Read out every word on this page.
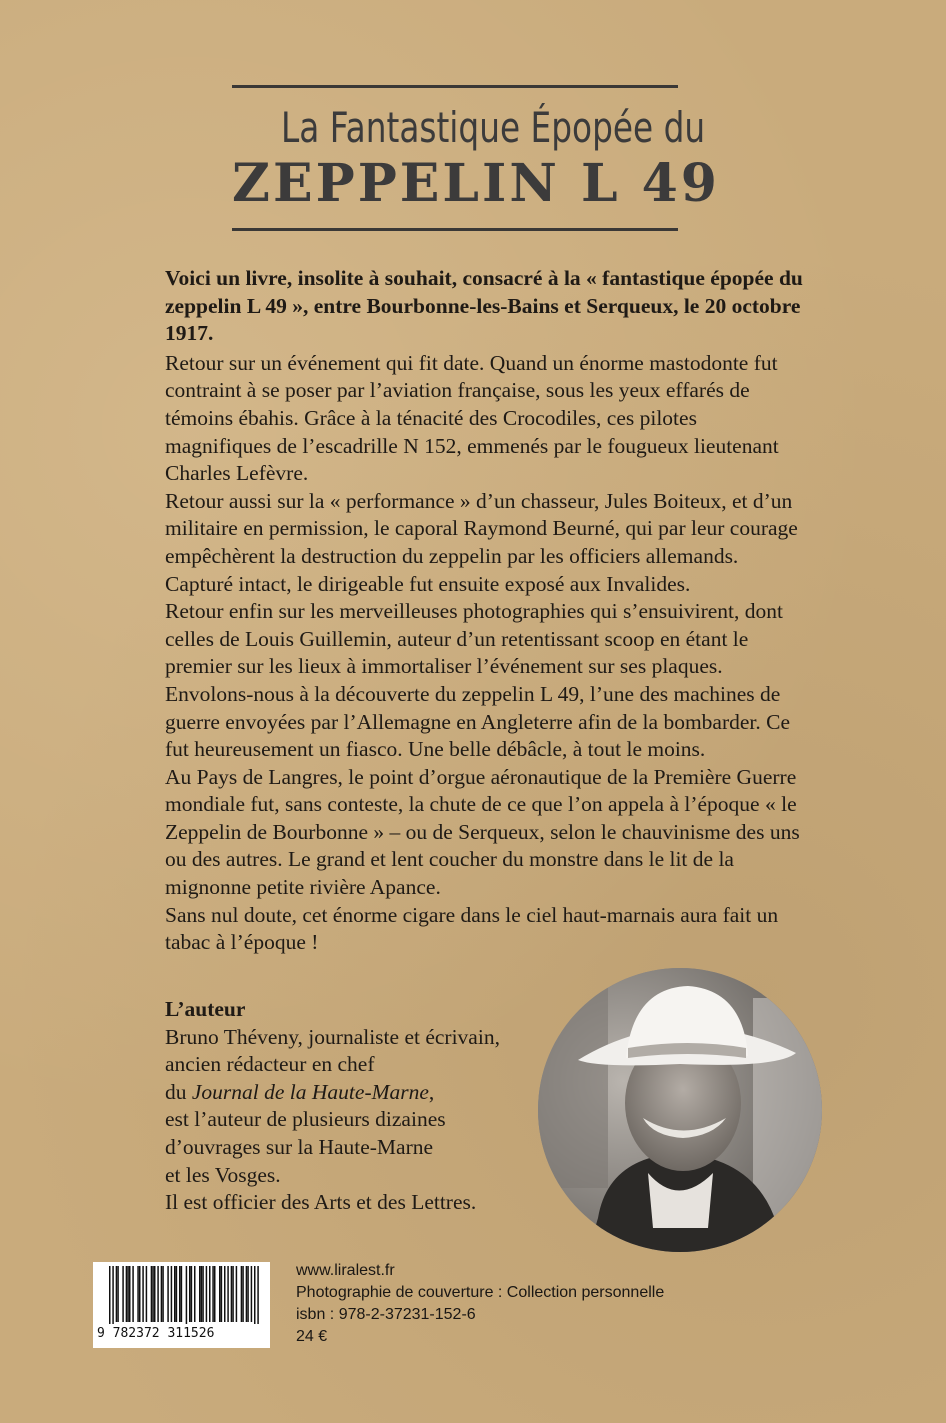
La Fantastique Épopée du
ZEPPELIN L 49

Voici un livre, insolite à souhait, consacré à la « fantastique épopée du zeppelin L 49 », entre Bourbonne-les-Bains et Serqueux, le 20 octobre 1917.

Retour sur un événement qui fit date. Quand un énorme mastodonte fut contraint à se poser par l’aviation française, sous les yeux effarés de témoins ébahis. Grâce à la ténacité des Crocodiles, ces pilotes magnifiques de l’escadrille N 152, emmenés par le fougueux lieutenant Charles Lefèvre.

Retour aussi sur la « performance » d’un chasseur, Jules Boiteux, et d’un militaire en permission, le caporal Raymond Beurné, qui par leur courage empêchèrent la destruction du zeppelin par les officiers allemands. Capturé intact, le dirigeable fut ensuite exposé aux Invalides.

Retour enfin sur les merveilleuses photographies qui s’ensuivirent, dont celles de Louis Guillemin, auteur d’un retentissant scoop en étant le premier sur les lieux à immortaliser l’événement sur ses plaques.

Envolons-nous à la découverte du zeppelin L 49, l’une des machines de guerre envoyées par l’Allemagne en Angleterre afin de la bombarder. Ce fut heureusement un fiasco. Une belle débâcle, à tout le moins.

Au Pays de Langres, le point d’orgue aéronautique de la Première Guerre mondiale fut, sans conteste, la chute de ce que l’on appela à l’époque « le Zeppelin de Bourbonne » – ou de Serqueux, selon le chauvinisme des uns ou des autres. Le grand et lent coucher du monstre dans le lit de la mignonne petite rivière Apance.

Sans nul doute, cet énorme cigare dans le ciel haut-marnais aura fait un tabac à l’époque !

L’auteur
Bruno Théveny, journaliste et écrivain,
ancien rédacteur en chef
du Journal de la Haute-Marne,
est l’auteur de plusieurs dizaines
d’ouvrages sur la Haute-Marne
et les Vosges.
Il est officier des Arts et des Lettres.
9 782372 311526
www.liralest.fr
Photographie de couverture : Collection personnelle
isbn : 978-2-37231-152-6
24 €
